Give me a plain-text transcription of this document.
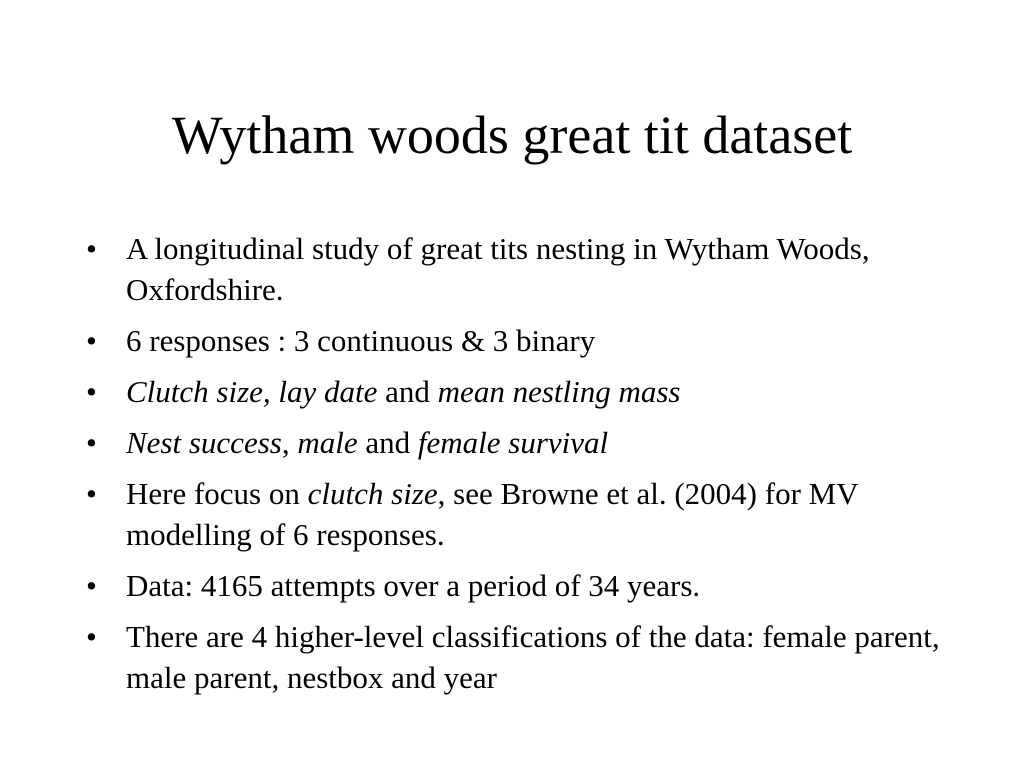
Wytham woods great tit dataset
• A longitudinal study of great tits nesting in Wytham Woods, Oxfordshire.
• 6 responses : 3 continuous & 3 binary
• Clutch size, lay date and mean nestling mass
• Nest success, male and female survival
• Here focus on clutch size, see Browne et al. (2004) for MV modelling of 6 responses.
• Data: 4165 attempts over a period of 34 years.
• There are 4 higher-level classifications of the data: female parent, male parent, nestbox and year
